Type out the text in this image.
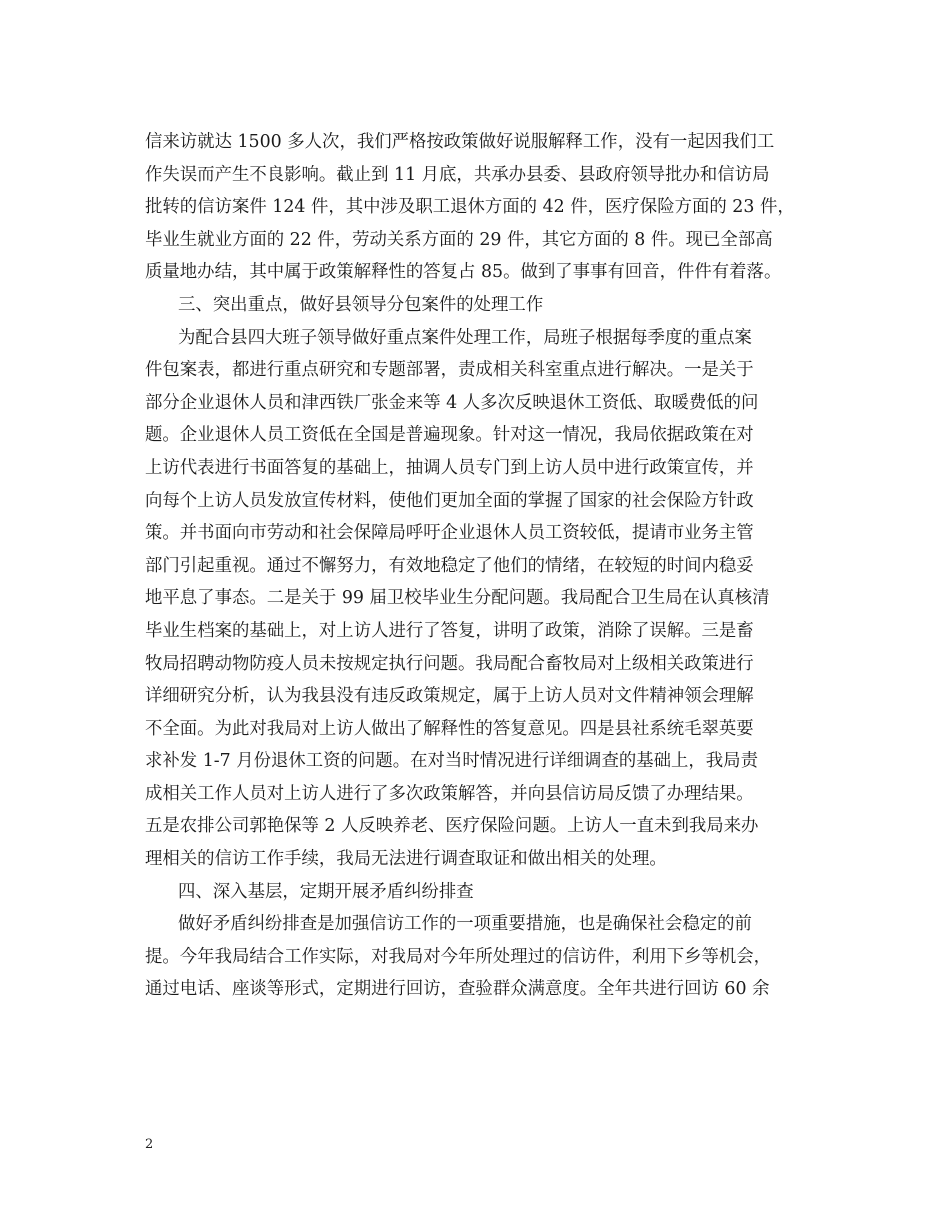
信来访就达 1500 多人次，我们严格按政策做好说服解释工作，没有一起因我们工
作失误而产生不良影响。截止到 11 月底，共承办县委、县政府领导批办和信访局
批转的信访案件 124 件，其中涉及职工退休方面的 42 件，医疗保险方面的 23 件，
毕业生就业方面的 22 件，劳动关系方面的 29 件，其它方面的 8 件。现已全部高
质量地办结，其中属于政策解释性的答复占 85。做到了事事有回音，件件有着落。
三、突出重点，做好县领导分包案件的处理工作
为配合县四大班子领导做好重点案件处理工作，局班子根据每季度的重点案
件包案表，都进行重点研究和专题部署，责成相关科室重点进行解决。一是关于
部分企业退休人员和津西铁厂张金来等 4 人多次反映退休工资低、取暖费低的问
题。企业退休人员工资低在全国是普遍现象。针对这一情况，我局依据政策在对
上访代表进行书面答复的基础上，抽调人员专门到上访人员中进行政策宣传，并
向每个上访人员发放宣传材料，使他们更加全面的掌握了国家的社会保险方针政
策。并书面向市劳动和社会保障局呼吁企业退休人员工资较低，提请市业务主管
部门引起重视。通过不懈努力，有效地稳定了他们的情绪，在较短的时间内稳妥
地平息了事态。二是关于 99 届卫校毕业生分配问题。我局配合卫生局在认真核清
毕业生档案的基础上，对上访人进行了答复，讲明了政策，消除了误解。三是畜
牧局招聘动物防疫人员未按规定执行问题。我局配合畜牧局对上级相关政策进行
详细研究分析，认为我县没有违反政策规定，属于上访人员对文件精神领会理解
不全面。为此对我局对上访人做出了解释性的答复意见。四是县社系统毛翠英要
求补发 1-7 月份退休工资的问题。在对当时情况进行详细调查的基础上，我局责
成相关工作人员对上访人进行了多次政策解答，并向县信访局反馈了办理结果。
五是农排公司郭艳保等 2 人反映养老、医疗保险问题。上访人一直未到我局来办
理相关的信访工作手续，我局无法进行调查取证和做出相关的处理。
四、深入基层，定期开展矛盾纠纷排查
做好矛盾纠纷排查是加强信访工作的一项重要措施，也是确保社会稳定的前
提。今年我局结合工作实际，对我局对今年所处理过的信访件，利用下乡等机会，
通过电话、座谈等形式，定期进行回访，查验群众满意度。全年共进行回访 60 余
2
